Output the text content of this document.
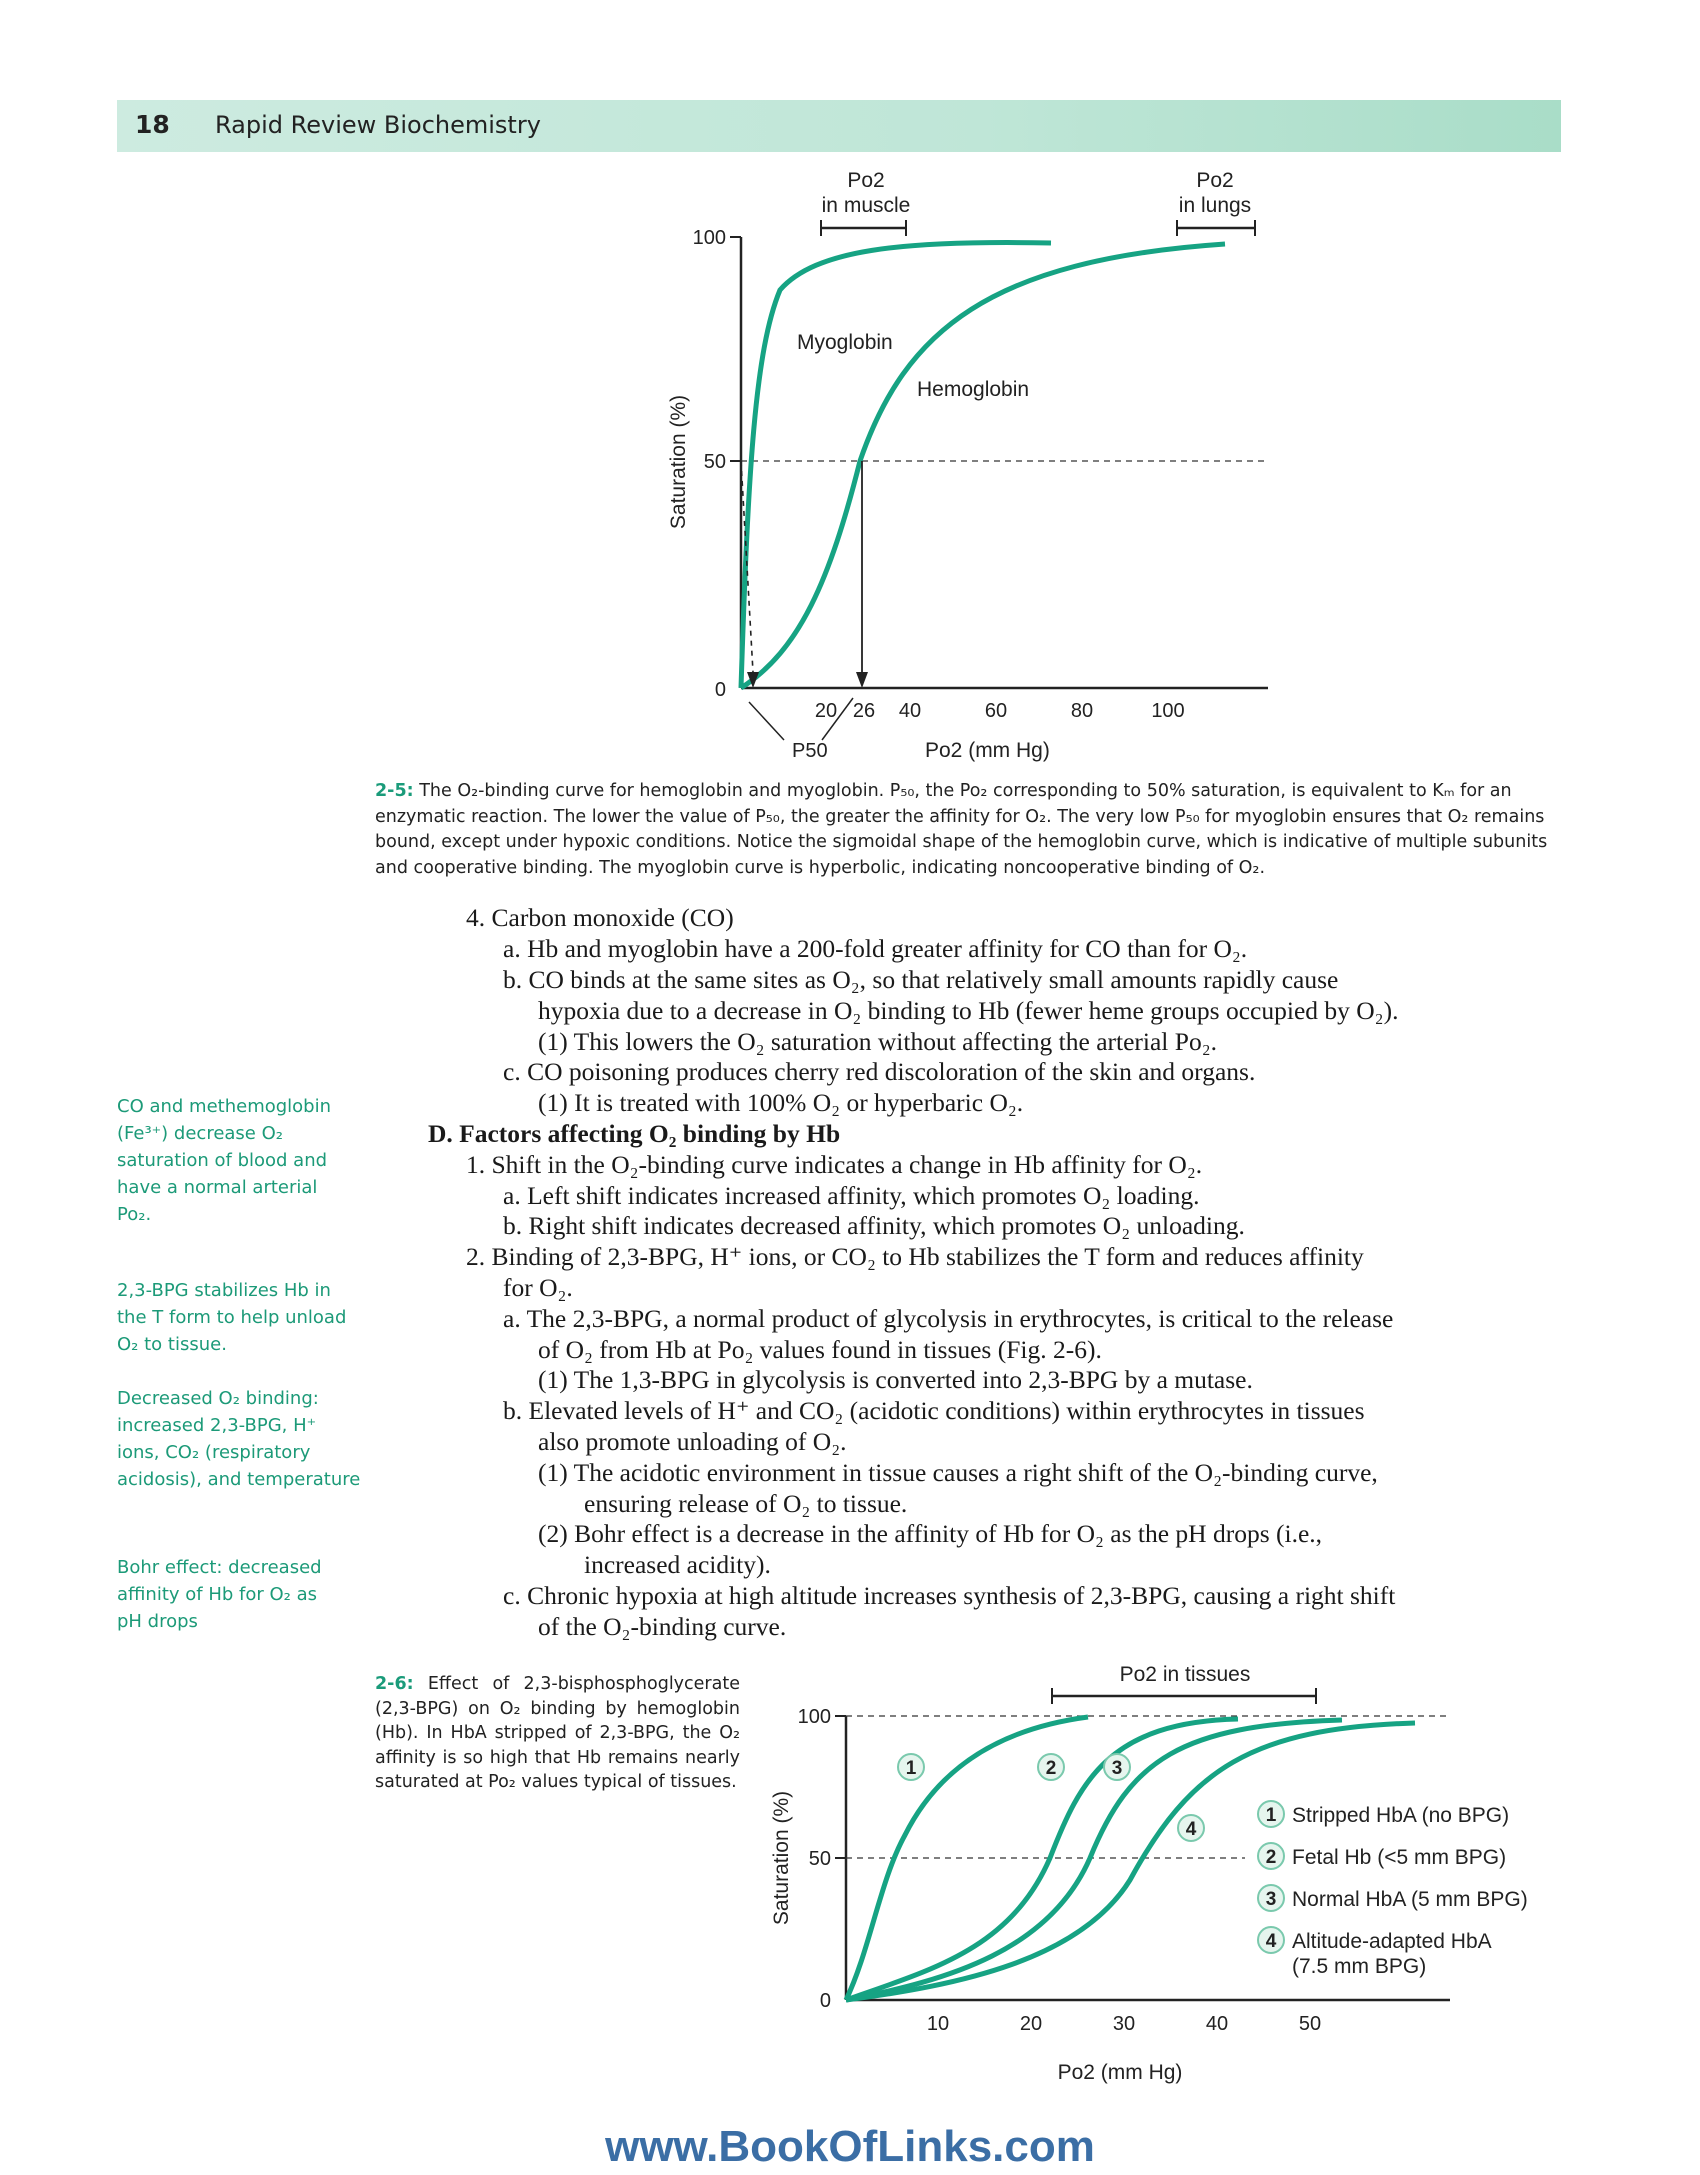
18 Rapid Review Biochemistry
Po2
in muscle
Po2
in lungs
100
50
0
Saturation (%)
Myoglobin
Hemoglobin
20 26 40	60	80	100
P50	Po2 (mm Hg)
2-5: The O₂-binding curve for hemoglobin and myoglobin. P₅₀, the Po₂ corresponding to 50% saturation, is equivalent to Kₘ for an enzymatic reaction. The lower the value of P₅₀, the greater the affinity for O₂. The very low P₅₀ for myoglobin ensures that O₂ remains bound, except under hypoxic conditions. Notice the sigmoidal shape of the hemoglobin curve, which is indicative of multiple subunits and cooperative binding. The myoglobin curve is hyperbolic, indicating noncooperative binding of O₂.
CO and methemoglobin
(Fe³⁺) decrease O₂
saturation of blood and
have a normal arterial
Po₂.
2,3-BPG stabilizes Hb in
the T form to help unload
O₂ to tissue.
Decreased O₂ binding:
increased 2,3-BPG, H⁺
ions, CO₂ (respiratory
acidosis), and temperature
Bohr effect: decreased
affinity of Hb for O₂ as
pH drops
4. Carbon monoxide (CO)
a. Hb and myoglobin have a 200-fold greater affinity for CO than for O₂.
b. CO binds at the same sites as O₂, so that relatively small amounts rapidly cause
hypoxia due to a decrease in O₂ binding to Hb (fewer heme groups occupied by O₂).
(1) This lowers the O₂ saturation without affecting the arterial Po₂.
c. CO poisoning produces cherry red discoloration of the skin and organs.
(1) It is treated with 100% O₂ or hyperbaric O₂.
D. Factors affecting O₂ binding by Hb
1. Shift in the O₂-binding curve indicates a change in Hb affinity for O₂.
a. Left shift indicates increased affinity, which promotes O₂ loading.
b. Right shift indicates decreased affinity, which promotes O₂ unloading.
2. Binding of 2,3-BPG, H⁺ ions, or CO₂ to Hb stabilizes the T form and reduces affinity
for O₂.
a. The 2,3-BPG, a normal product of glycolysis in erythrocytes, is critical to the release
of O₂ from Hb at Po₂ values found in tissues (Fig. 2-6).
(1) The 1,3-BPG in glycolysis is converted into 2,3-BPG by a mutase.
b. Elevated levels of H⁺ and CO₂ (acidotic conditions) within erythrocytes in tissues
also promote unloading of O₂.
(1) The acidotic environment in tissue causes a right shift of the O₂-binding curve,
ensuring release of O₂ to tissue.
(2) Bohr effect is a decrease in the affinity of Hb for O₂ as the pH drops (i.e.,
increased acidity).
c. Chronic hypoxia at high altitude increases synthesis of 2,3-BPG, causing a right shift
of the O₂-binding curve.
2-6: Effect of 2,3-bisphosphoglycerate (2,3-BPG) on O₂ binding by hemoglobin (Hb). In HbA stripped of 2,3-BPG, the O₂ affinity is so high that Hb remains nearly saturated at Po₂ values typical of tissues.
Po2 in tissues
100
50
0
Saturation (%)
1	2	3
4
10	20	30	40	50
Po2 (mm Hg)
1 Stripped HbA (no BPG)
2 Fetal Hb (<5 mm BPG)
3 Normal HbA (5 mm BPG)
4 Altitude-adapted HbA
(7.5 mm BPG)
www.BookOfLinks.com
